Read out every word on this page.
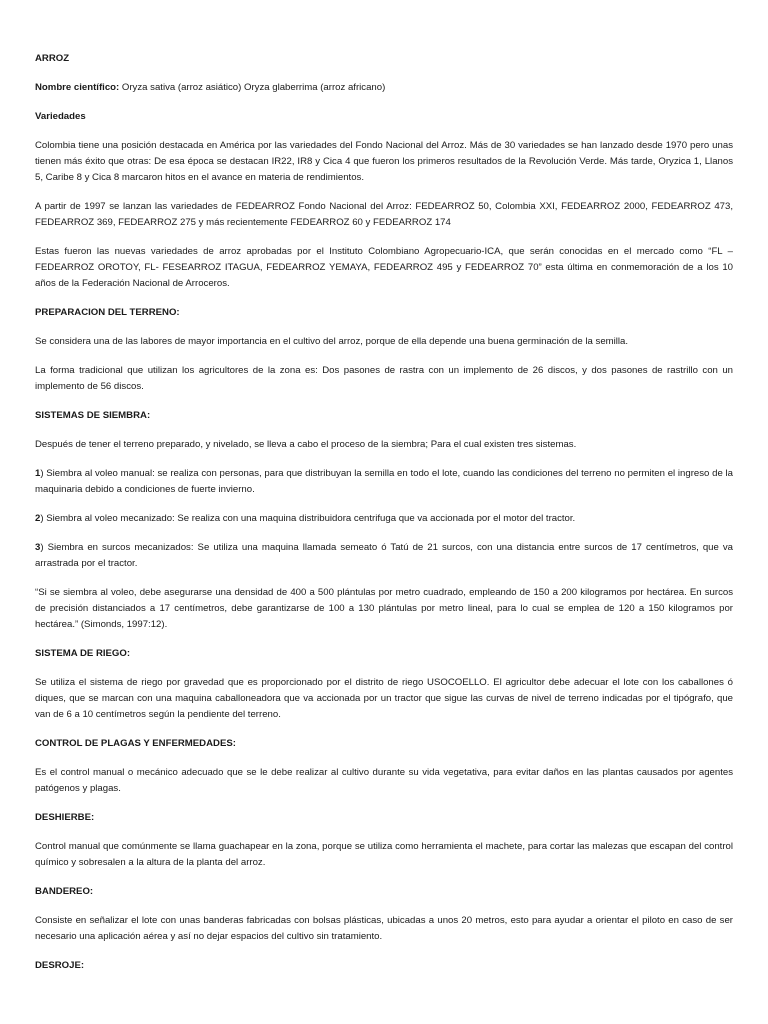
ARROZ

Nombre científico: Oryza sativa (arroz asiático) Oryza glaberrima (arroz africano)

Variedades

Colombia tiene una posición destacada en América por las variedades del Fondo Nacional del Arroz. Más de 30 variedades se han lanzado desde 1970 pero unas tienen más éxito que otras: De esa época se destacan IR22, IR8 y Cica 4 que fueron los primeros resultados de la Revolución Verde. Más tarde, Oryzica 1, Llanos 5, Caribe 8 y Cica 8 marcaron hitos en el avance en materia de rendimientos.

A partir de 1997 se lanzan las variedades de FEDEARROZ Fondo Nacional del Arroz: FEDEARROZ 50, Colombia XXI, FEDEARROZ 2000, FEDEARROZ 473, FEDEARROZ 369, FEDEARROZ 275 y más recientemente FEDEARROZ 60 y FEDEARROZ 174

Estas fueron las nuevas variedades de arroz aprobadas por el Instituto Colombiano Agropecuario-ICA, que serán conocidas en el mercado como “FL – FEDEARROZ OROTOY, FL- FESEARROZ ITAGUA, FEDEARROZ YEMAYA, FEDEARROZ 495 y FEDEARROZ 70” esta última en conmemoración de a los 10 años de la Federación Nacional de Arroceros.

PREPARACION DEL TERRENO:

Se considera una de las labores de mayor importancia en el cultivo del arroz, porque de ella depende una buena germinación de la semilla.

La forma tradicional que utilizan los agricultores de la zona es: Dos pasones de rastra con un implemento de 26 discos, y dos pasones de rastrillo con un implemento de 56 discos.

SISTEMAS DE SIEMBRA:

Después de tener el terreno preparado, y nivelado, se lleva a cabo el proceso de la siembra; Para el cual existen tres sistemas.

1) Siembra al voleo manual: se realiza con personas, para que distribuyan la semilla en todo el lote, cuando las condiciones del terreno no permiten el ingreso de la maquinaria debido a condiciones de fuerte invierno.

2) Siembra al voleo mecanizado: Se realiza con una maquina distribuidora centrifuga que va accionada por el motor del tractor.

3) Siembra en surcos mecanizados: Se utiliza una maquina llamada semeato ó Tatú de 21 surcos, con una distancia entre surcos de 17 centímetros, que va arrastrada por el tractor.

“Si se siembra al voleo, debe asegurarse una densidad de 400 a 500 plántulas por metro cuadrado, empleando de 150 a 200 kilogramos por hectárea. En surcos de precisión distanciados a 17 centímetros, debe garantizarse de 100 a 130 plántulas por metro lineal, para lo cual se emplea de 120 a 150 kilogramos por hectárea.” (Simonds, 1997:12).

SISTEMA DE RIEGO:

Se utiliza el sistema de riego por gravedad que es proporcionado por el distrito de riego USOCOELLO. El agricultor debe adecuar el lote con los caballones ó diques, que se marcan con una maquina caballoneadora que va accionada por un tractor que sigue las curvas de nivel de terreno indicadas por el tipógrafo, que van de 6 a 10 centímetros según la pendiente del terreno.

CONTROL DE PLAGAS Y ENFERMEDADES:

Es el control manual o mecánico adecuado que se le debe realizar al cultivo durante su vida vegetativa, para evitar daños en las plantas causados por agentes patógenos y plagas.

DESHIERBE:

Control manual que comúnmente se llama guachapear en la zona, porque se utiliza como herramienta el machete, para cortar las malezas que escapan del control químico y sobresalen a la altura de la planta del arroz.

BANDEREO:

Consiste en señalizar el lote con unas banderas fabricadas con bolsas plásticas, ubicadas a unos 20 metros, esto para ayudar a orientar el piloto en caso de ser necesario una aplicación aérea y así no dejar espacios del cultivo sin tratamiento.

DESROJE:
